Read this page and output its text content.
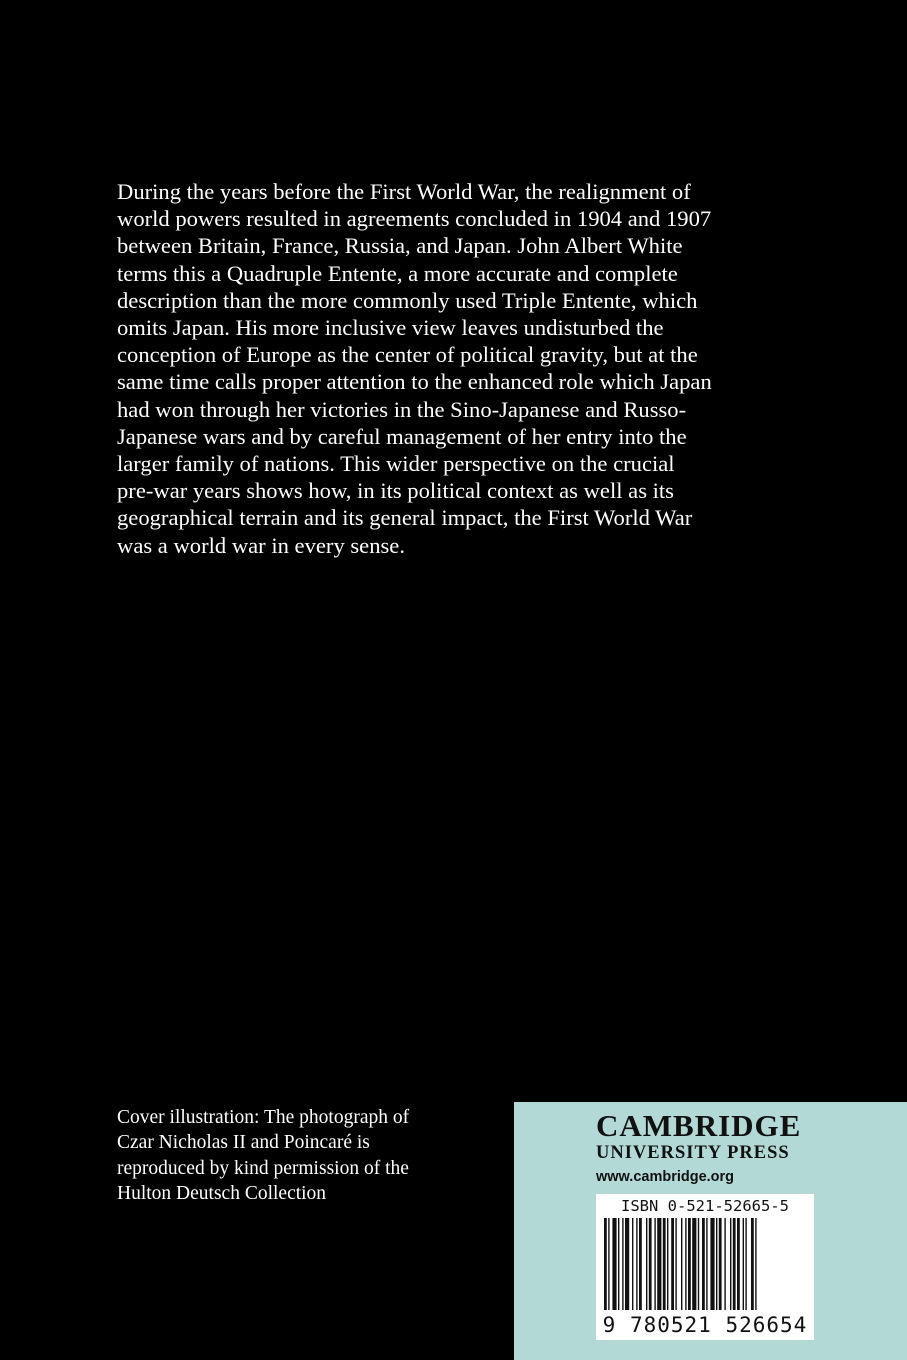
During the years before the First World War, the realignment of
world powers resulted in agreements concluded in 1904 and 1907
between Britain, France, Russia, and Japan. John Albert White
terms this a Quadruple Entente, a more accurate and complete
description than the more commonly used Triple Entente, which
omits Japan. His more inclusive view leaves undisturbed the
conception of Europe as the center of political gravity, but at the
same time calls proper attention to the enhanced role which Japan
had won through her victories in the Sino-Japanese and Russo-
Japanese wars and by careful management of her entry into the
larger family of nations. This wider perspective on the crucial
pre-war years shows how, in its political context as well as its
geographical terrain and its general impact, the First World War
was a world war in every sense.
Cover illustration: The photograph of
Czar Nicholas II and Poincaré is
reproduced by kind permission of the
Hulton Deutsch Collection
CAMBRIDGE
UNIVERSITY PRESS
www.cambridge.org
ISBN 0-521-52665-5
9 780521 526654
